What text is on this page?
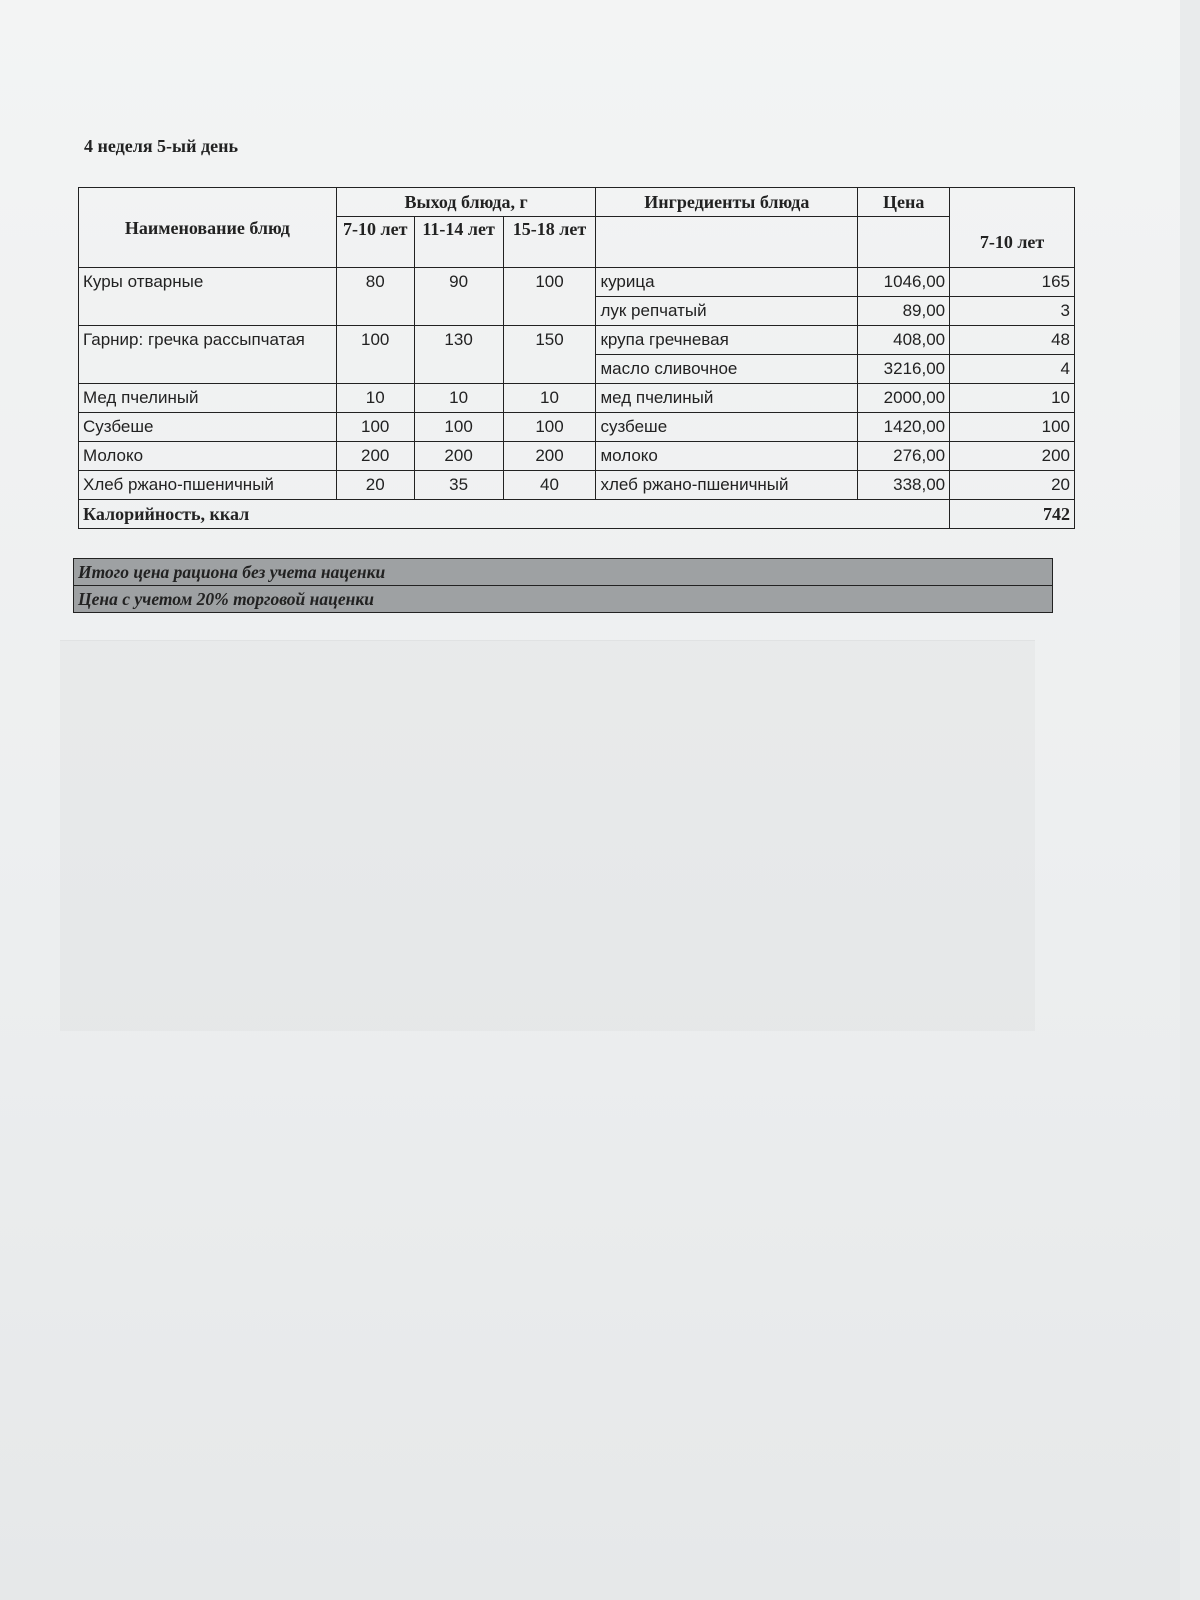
4 неделя 5-ый день
Наименование блюд	Выход блюда, г			Ингредиенты блюда	Цена	
	7-10 лет	11-14 лет	15-18 лет			7-10 лет
Куры отварные	80	90	100	курица	1046,00	165
				лук репчатый	89,00	3
Гарнир: гречка рассыпчатая	100	130	150	крупа гречневая	408,00	48
				масло сливочное	3216,00	4
Мед пчелиный	10	10	10	мед пчелиный	2000,00	10
Сузбеше	100	100	100	сузбеше	1420,00	100
Молоко	200	200	200	молоко	276,00	200
Хлеб ржано-пшеничный	20	35	40	хлеб ржано-пшеничный	338,00	20
Калорийность, ккал						742
Итого цена рациона без учета наценки
Цена с учетом 20% торговой наценки
